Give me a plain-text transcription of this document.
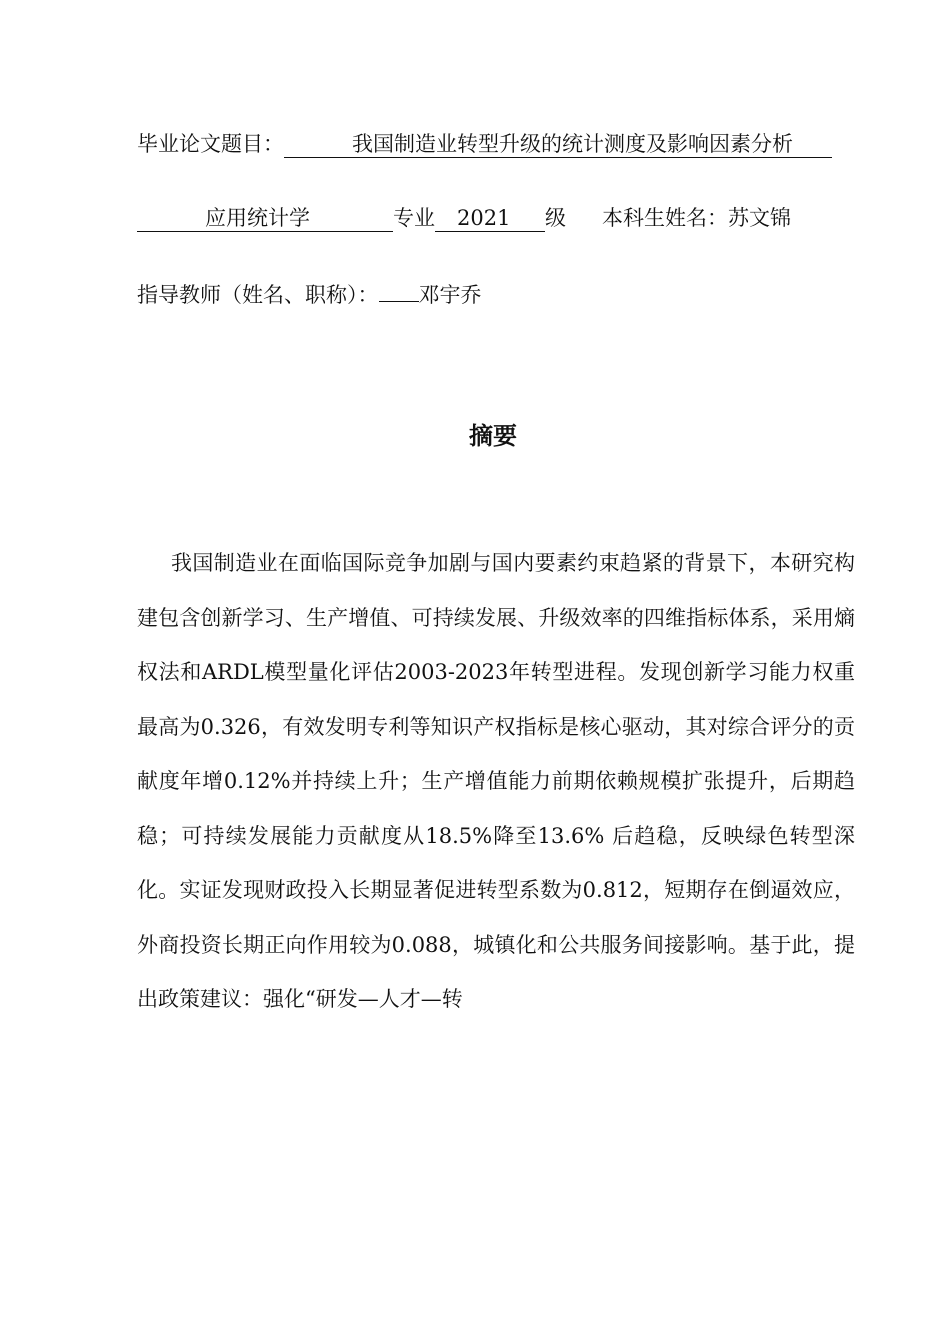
毕业论文题目：	我国制造业转型升级的统计测度及影响因素分析
应用统计学	专业 2021 级 本科生姓名：苏文锦
指导教师（姓名、职称）： 邓宇乔
摘要

我国制造业在面临国际竞争加剧与国内要素约束趋紧的背景下，本研究构建包含创新学习、生产增值、可持续发展、升级效率的四维指标体系，采用熵权法和ARDL模型量化评估2003-2023年转型进程。发现创新学习能力权重最高为0.326，有效发明专利等知识产权指标是核心驱动，其对综合评分的贡献度年增0.12%并持续上升；生产增值能力前期依赖规模扩张提升，后期趋稳；可持续发展能力贡献度从18.5%降至13.6% 后趋稳，反映绿色转型深化。实证发现财政投入长期显著促进转型系数为0.812，短期存在倒逼效应，外商投资长期正向作用较为0.088，城镇化和公共服务间接影响。基于此，提出政策建议：强化“研发—人才—转
